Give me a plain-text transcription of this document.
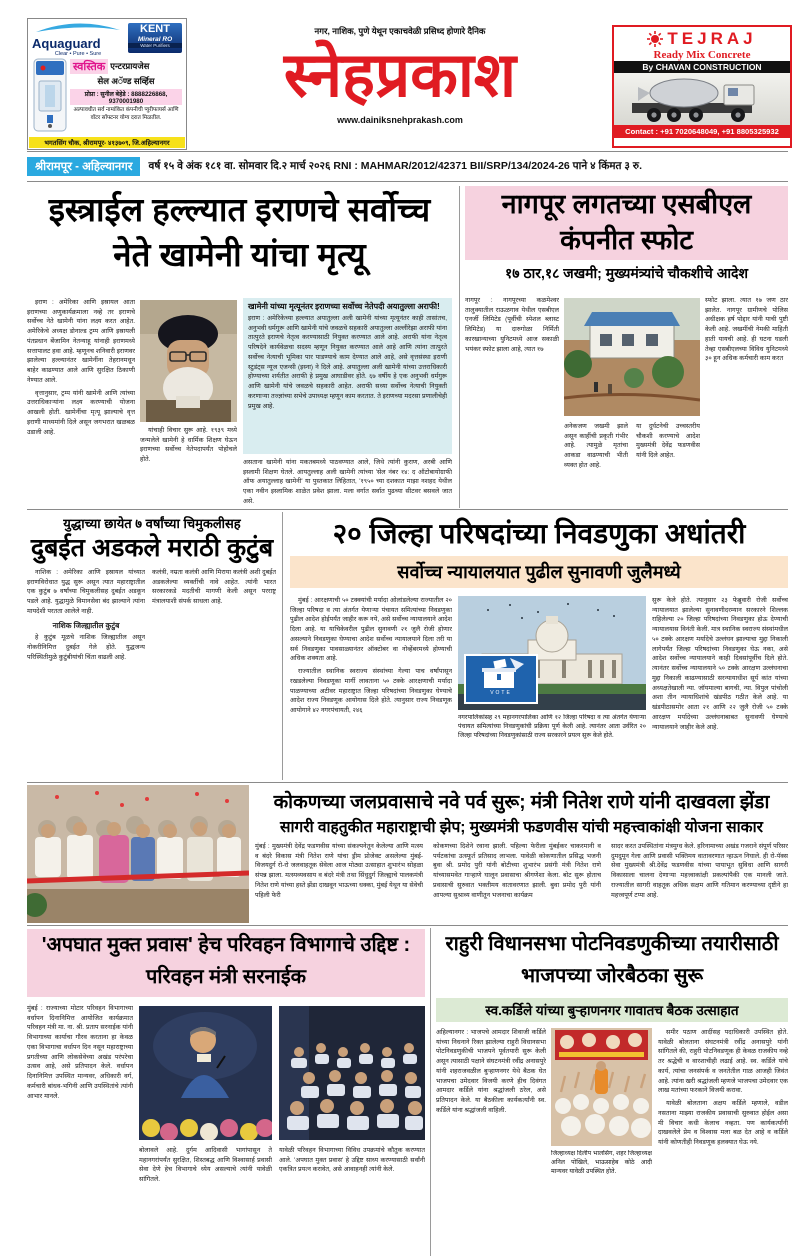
Aquaguard
Clear • Pure • Sure
KENT
Mineral RO
Water Purifiers
स्वस्तिक एन्टरप्रायजेस
सेल अॅण्ड सर्व्हिस
प्रोप्रा : सुनील बेहेडे : 8888226868, 9370001980
अल्पावधीत सर्व नामांकित कंपनीची प्युरीफायर्स आणि वॉटर सॉफ्टनर योग्य दरात मिळतील.
भगतसिंग चौक, श्रीरामपूर- ४१३७०९, जि.अहिल्यानगर
नगर, नाशिक, पुणे येथून एकाचवेळी प्रसिध्द होणारे दैनिक
स्नेहप्रकाश
www.dainiksnehprakash.com
TEJRAJ
Ready Mix Concrete
By CHAVAN CONSTRUCTION
Contact : +91 7020648049, +91 8805325932
श्रीरामपूर - अहिल्यानगर	वर्ष १५ वे अंक १८१ वा. सोमवार दि.२ मार्च २०२६ RNI : MAHMAR/2012/42371 BII/SRP/134/2024-26 पाने ४ किंमत ३ रु.
इस्त्राईल हल्ल्यात इराणचे सर्वोच्च नेते खामेनी यांचा मृत्यू

इराण : अमेरिका आणि इस्रायल आता इराणच्या अणुकार्यक्रमाला नव्हे तर इराणचे सर्वोच्च नेते खामेनी यांना लक्ष्य करत आहेत. अमेरिकेचे अध्यक्ष डोनाल्ड ट्रम्प आणि इस्रायली पंतप्रधान बेंजामिन नेतन्याहू यांनाही इराणमध्ये सत्तापालट हवा आहे. म्हणूनच शनिवारी इराणवर झालेल्या हल्ल्यानंतर खामेनींना तेहरानमधून बाहेर काढण्यात आले आणि सुरक्षित ठिकाणी नेण्यात आले.

वृत्तानुसार, ट्रम्प यांनी खामेनी आणि त्यांच्या उत्तराधिकाऱ्यांना लक्ष्य करण्याची योजना आखली होती. खामेनींचा मृत्यू झाल्याचे वृत्त इराणी माध्यमांनी दिले असून जगभरात खळबळ उडाली आहे.	यांचाही विचार सुरू आहे. १९३९ मध्ये जन्मलेले खामेनी हे धार्मिक शिक्षण घेऊन इराणच्या सर्वोच्च नेतेपदापर्यंत पोहोचले होते.

खामेनी यांच्या मृत्यूनंतर इराणच्या सर्वोच्च नेतेपदी अयातुल्ला अराफी!
इराण : अमेरिकेच्या हल्ल्यात अयातुल्ला अली खामेनी यांच्या मृत्यूनंतर काही तासांतच, अनुभवी धर्मगुरू आणि खामेनी यांचे जवळचे सहकारी अयातुल्ला अल्लीरेझा अराफी यांना तात्पुरते इराणचे नेतृत्व करण्यासाठी नियुक्त करण्यात आले आहे. अराफी यांना नेतृत्व परिषदेने कार्यवेळचा सदस्य म्हणून नियुक्त करण्यात आले आहे आणि त्यांना तात्पुरते सर्वोच्च नेत्याची भूमिका पार पाडण्याचे काम देण्यात आले आहे, असे वृत्तसंस्था इराणी स्टुडंट्स न्यूज एजन्सी (इस्ना) ने दिले आहे. अयातुल्ला अली खामेनी यांच्या उत्तराधिकारी होण्याच्या शर्यतीत अराफी हे प्रमुख आघाडीवर होते. ६७ वर्षीय हे एक अनुभवी धर्मगुरू आणि खामेनी यांचे जवळचे सहकारी आहेत. अराफी सध्या सर्वोच्च नेत्याची नियुक्ती करणाऱ्या तज्ज्ञांच्या सभेचे उपाध्यक्ष म्हणून काम करतात. ते इराणच्या मदरसा प्रणालीचेही प्रमुख आहे.
असताना खामेनी यांना मकतबमध्ये पाठवण्यात आले, जिथे त्यांनी कुराण, अरबी आणि इस्लामी शिक्षण घेतले. आयतुल्लाह अली खामेनी त्यांच्या 'सेल नंबर १४: द ऑटोबायोग्राफी ऑफ अयातुल्लाह खामेनी' या पुस्तकात लिहितात, '१९५० च्या दशकात माझा नशहद येथील एका नवीन इस्लामिक शाळेत प्रवेश झाला. मला वर्गात सर्वात पुढच्या सीटवर बसवले जात असे.
नागपूर लगतच्या एसबीएल कंपनीत स्फोट
१७ ठार,१८ जखमी; मुख्यमंत्र्यांचे चौकशीचे आदेश
नागपूर : नागपूरच्या कळमेश्वर तालुक्यातील राऊळगाव येथील एसबीएल एनर्जी लिमिटेड (पूर्वीची स्पेशल ब्लास्ट लिमिटेड) या दारुगोळा निर्मिती कारखान्याच्या युनिटमध्ये आज सकाळी भयंकर स्फोट झाला आहे, त्यात १७
अनेकजण जखमी झाले असून काहींची प्रकृती गंभीर आहे. त्यामुळे मृतांचा आकडा वाढण्याची भीती व्यक्त होत आहे.
या दुर्घटनेची उच्चस्तरीय चौकशी करण्याचे आदेश मुख्यमंत्री देवेंद्र फडणवीस यांनी दिले आहेत.
स्फोट झाला. त्यात १७ जण ठार झालेत. नागपूर ग्रामीणचे पोलिस अधीक्षक हर्ष पोद्दार यांनी याची पुष्टी केली आहे. जखमींची नेमकी माहिती हाती यायची आहे. ही घटना घडली तेव्हा एसबीएलच्या विविध युनिटमध्ये ३० हून अधिक कर्मचारी काम करत
युद्धाच्या छायेत ७ वर्षांच्या चिमुकलीसह
दुबईत अडकले मराठी कुटुंब

नाशिक : अमेरिका आणि इस्रायल यांच्यात इराणविरोधात युद्ध सुरू असून त्यात महाराष्ट्रातील एक कुटुंब ७ वर्षांच्या चिमुकलीसह दुबईत अडकून पडले आहे. युद्धामुळे विमानसेवा बंद झाल्याने त्यांना मायदेशी परतता आलेले नाही.

नाशिक जिल्ह्यातील कुटुंब

हे कुटुंब मूळचे नाशिक जिल्ह्यातील असून नोकरीनिमित्त दुबईत गेले होते. युद्धजन्य परिस्थितीमुळे कुटुंबीयांची चिंता वाढली आहे.

कलंत्री, नम्रता कलंत्री आणि मिराया कलंत्री अशी दुबईत अडकलेल्या व्यक्तींची नावे आहेत. त्यांनी भारत सरकारकडे मदतीची मागणी केली असून परराष्ट्र मंत्रालयाशी संपर्क साधला आहे.
२० जिल्हा परिषदांच्या निवडणुका अधांतरी
सर्वोच्च न्यायालयात पुढील सुनावणी जुलैमध्ये

मुंबई : आरक्षणाची ५० टक्क्यांची मर्यादा ओलांडलेल्या राज्यातील २० जिल्हा परिषदा व त्या अंतर्गत येणाऱ्या पंचायत समित्यांच्या निवडणुका पुढील आदेश होईपर्यंत जाहीर करू नये, असे सर्वोच्च न्यायालयाने आदेश दिला आहे. या याचिकेवरील पुढील सुनावणी २१ जुलै रोजी होणार असल्याने निवडणुका घेण्याचा आदेश सर्वोच्च न्यायालयाने दिला तरी या सर्व निवडणुका पावसाळ्यानंतर ऑक्टोबर वा नोव्हेंबरमध्ये होण्याची अधिक शक्यता आहे.

राज्यातील स्थानिक स्वराज्य संस्थांच्या गेल्या पाच वर्षांपासून रखडलेल्या निवडणूका मार्गी लावताना ५० टक्के आरक्षणाची मर्यादा पाळण्याच्या अटीवर महाराष्ट्रात जिल्हा परिषदांच्या निवडणुका घेण्याचे आदेश राज्य निवडणूक आयोगास दिले होते. त्यानुसार राज्य निवडणूक आयोगाने ४२ नगरपंचायती, २४६

VOTE
नगरपालिकांसह २९ महानगरपालिका आणि १२ जिल्हा परिषदा व त्या अंतर्गत येणाऱ्या पंचायत समित्यांच्या निवडणुकांची प्रक्रिया पूर्ण केली आहे. त्यानंतर आता उर्वरित २० जिल्हा परिषदांच्या निवडणुकांसाठी राज्य सरकारने प्रयत्न सुरू केले होते.
सुरू केले होते. त्यानुसार २३ फेब्रुवारी रोजी सर्वोच्च न्यायालयात झालेल्या सुनावणीदरम्यान सरकारने शिल्लक राहिलेल्या २० जिल्हा परिषदांच्या निवडणुका होऊ देण्याची न्यायालयास विनंती केली. मात्र स्थानिक स्वराज्य संस्थांमधील ५० टक्के आरक्षण मर्यादेचे उल्लंघन झाल्याचा मुद्दा निकाली लागेपर्यंत जिल्हा परिषदांच्या निवडणुका घेऊ नका, असे आदेश सर्वोच्च न्यायालयाने काही दिवसांपूर्वीच दिले होते. त्यानंतर सर्वोच्च न्यायालयाने ५० टक्के आरक्षण उल्लंघनाचा मुद्दा निकाली काढण्यासाठी सरन्यायाधीश सूर्य कांत यांच्या अध्यक्षतेखाली न्या. जॉयमाल्या बागची, न्या. विपुल पांचोली अशा तीन न्यायाधिशांचे खंडपीठ गठीत केले आहे. या खंडपीठासमोर आता २१ आणि २२ जुलै रोजी ५० टक्के आरक्षण मर्यादेच्या उल्लंघनाबाबत सुनावणी घेण्याचे न्यायालयाने जाहीर केले आहे.
कोकणच्या जलप्रवासाचे नवे पर्व सुरू; मंत्री नितेश राणे यांनी दाखवला झेंडा
सागरी वाहतुकीत महाराष्ट्राची झेप; मुख्यमंत्री फडणवीस यांची महत्त्वाकांक्षी योजना साकार
मुंबई : मुख्यमंत्री देवेंद्र फडणवीस यांच्या संकल्पनेतून केलेल्या आणि मत्स्य व बंदरे विकास मंत्री नितेश राणे यांचा ड्रीम प्रोजेक्ट असलेल्या मुंबई-विजयदुर्ग रो-रो जलवाहतूक सेवेला आज मोठ्या उत्साहात शुभारंभ सोहळा संपन्न झाला. मत्स्यव्यवसाय व बंदरे मंत्री तथा सिंधुदुर्ग जिल्ह्याचे पालकमंत्री नितेश राणे यांच्या हस्ते झेंडा दाखवून भाऊच्या धक्का, मुंबई येथून या सेवेची पहिली फेरी
कोकणच्या दिशेने रवाना झाली. पहिल्या फेरीला मुंबईकर चाकरमानी व पर्यटकांचा उत्स्फूर्त प्रतिसाद लाभला. यावेळी कोकणातील प्रसिद्ध भजनी बुवा श्री. प्रमोद पुरी यांनी बोटीच्या शुभारंभ प्रसंगी मंत्री नितेश राणे यांच्यासमवेत गाऱ्हाणे घालून प्रवासाचा श्रीगणेशा केला. बोट सुरू होताच प्रवासाची सुरुवात भक्तीमय वातावरणात झाली. बुवा प्रमोद पुरी यांनी आपल्या सुश्राव्य वाणीतून भजनाचा कार्यक्रम
सादर करत उपस्थितांना मंत्रमुग्ध केले. हरिनामाच्या अखंड गजराने संपूर्ण परिसर दुमदुमून गेला आणि प्रवासी भक्तिमय वातावरणात न्हाऊन निघाले. ही रो-पॅक्स सेवा मुख्यमंत्री श्री.देवेंद्र फडणवीस यांच्या पायाभूत सुविधा आणि सागरी विकासाला चालना देणाऱ्या महत्त्वाकांक्षी प्रकल्पांपैकी एक मानली जाते. राज्यातील सागरी वाहतूक अधिक सक्षम आणि गतिमान करण्याच्या दृष्टीने हा महत्त्वपूर्ण टप्पा आहे.
'अपघात मुक्त प्रवास' हेच परिवहन विभागाचे उद्दिष्ट : परिवहन मंत्री सरनाईक
मुंबई : राज्याच्या मोटार परिवहन विभागाच्या वर्धापन दिनानिमित्त आयोजित कार्यक्रमात परिवहन मंत्री मा. ना. श्री. प्रताप सरनाईक यांनी विभागाच्या कार्याचा गौरव करताना हा केवळ एका विभागाचा वर्धापन दिन नसून महाराष्ट्राच्या प्रगतीच्या आणि लोकसेवेच्या अखंड परंपरेचा उत्सव आहे, असे प्रतिपादन केले. वर्धापन दिनानिमित्त उपस्थित मान्यवर, अधिकारी वर्ग, कर्मचारी बांधव-भगिनी आणि उपस्थितांचे त्यांनी आभार मानले.
बोलावले आहे. दुर्गम आदिवासी भागांपासून ते महानगरांपर्यंत सुरक्षित, शिस्तबद्ध आणि विश्वासार्ह प्रवासी सेवा देणे हेच विभागाचे ध्येय असल्याचे त्यांनी यावेळी सांगितले.
यावेळी परिवहन विभागाच्या विविध उपक्रमांचे कौतुक करण्यात आले. 'अपघात मुक्त प्रवास' हे उद्दिष्ट साध्य करण्यासाठी सर्वांनी एकत्रित प्रयत्न करावेत, असे आवाहनही त्यांनी केले.
राहुरी विधानसभा पोटनिवडणुकीच्या तयारीसाठी भाजपच्या जोरबैठका सुरू
स्व.कर्डिले यांच्या बुऱ्हाणनगर गावातच बैठक उत्साहात
अहिल्यानगर : भाजपचे आमदार शिवाजी कर्डिले यांच्या निधनाने रिक्त झालेल्या राहुरी विधानसभा पोटनिवडणुकीची भाजपने पूर्वतयारी सुरू केली असून त्यासाठी पक्षाने संघटनमंत्री रवींद्र अनासपुरे यांनी शहराजवळील बुऱ्हाणनगर येथे बैठक घेत भाजपचा उमेदवार विजयी करणे हीच दिवंगत आमदार कर्डिले यांना श्रद्धांजली ठरेल, असे प्रतिपादन केले. या बैठकीला कार्यकर्त्यांनी स्व. कर्डिले यांना श्रद्धांजली वाहिली.
जिल्हाध्यक्ष दिलीप भालसिंग, शहर जिल्हाध्यक्ष अनिल पोखिले, भाऊसाहेब कोठे आदी मान्यवर यावेळी उपस्थित होते.

समीर पठाण आदींसह पदाधिकारी उपस्थित होते. यावेळी बोलताना संघटनमंत्री रवींद्र अनासपुरे यांनी सांगितले की, राहुरी पोटनिवडणूक ही केवळ राजकीय नव्हे तर श्रद्धेची व वारशाचीही लढाई आहे. स्व. कर्डिले यांचे कार्य, त्यांचा जनसंपर्क व जनतेतील गाळ आजही जिवंत आहे. त्यांना खरी श्रद्धांजली म्हणजे भाजपचा उमेदवार एक लाख मतांच्या फरकाने विजयी करावा.

यावेळी बोलताना अक्षय कर्डिले म्हणाले, वडील नसताना माझ्या राजकीय प्रवासाची सुरुवात होईल असा मी विचार कधी केलाच नव्हता. पण कार्यकर्त्यांनी दाखवलेले प्रेम व विश्वास मला बळ देत आहे व कर्डिले यांनी कोणतीही निवडणूक हलक्यात घेऊ नये.
